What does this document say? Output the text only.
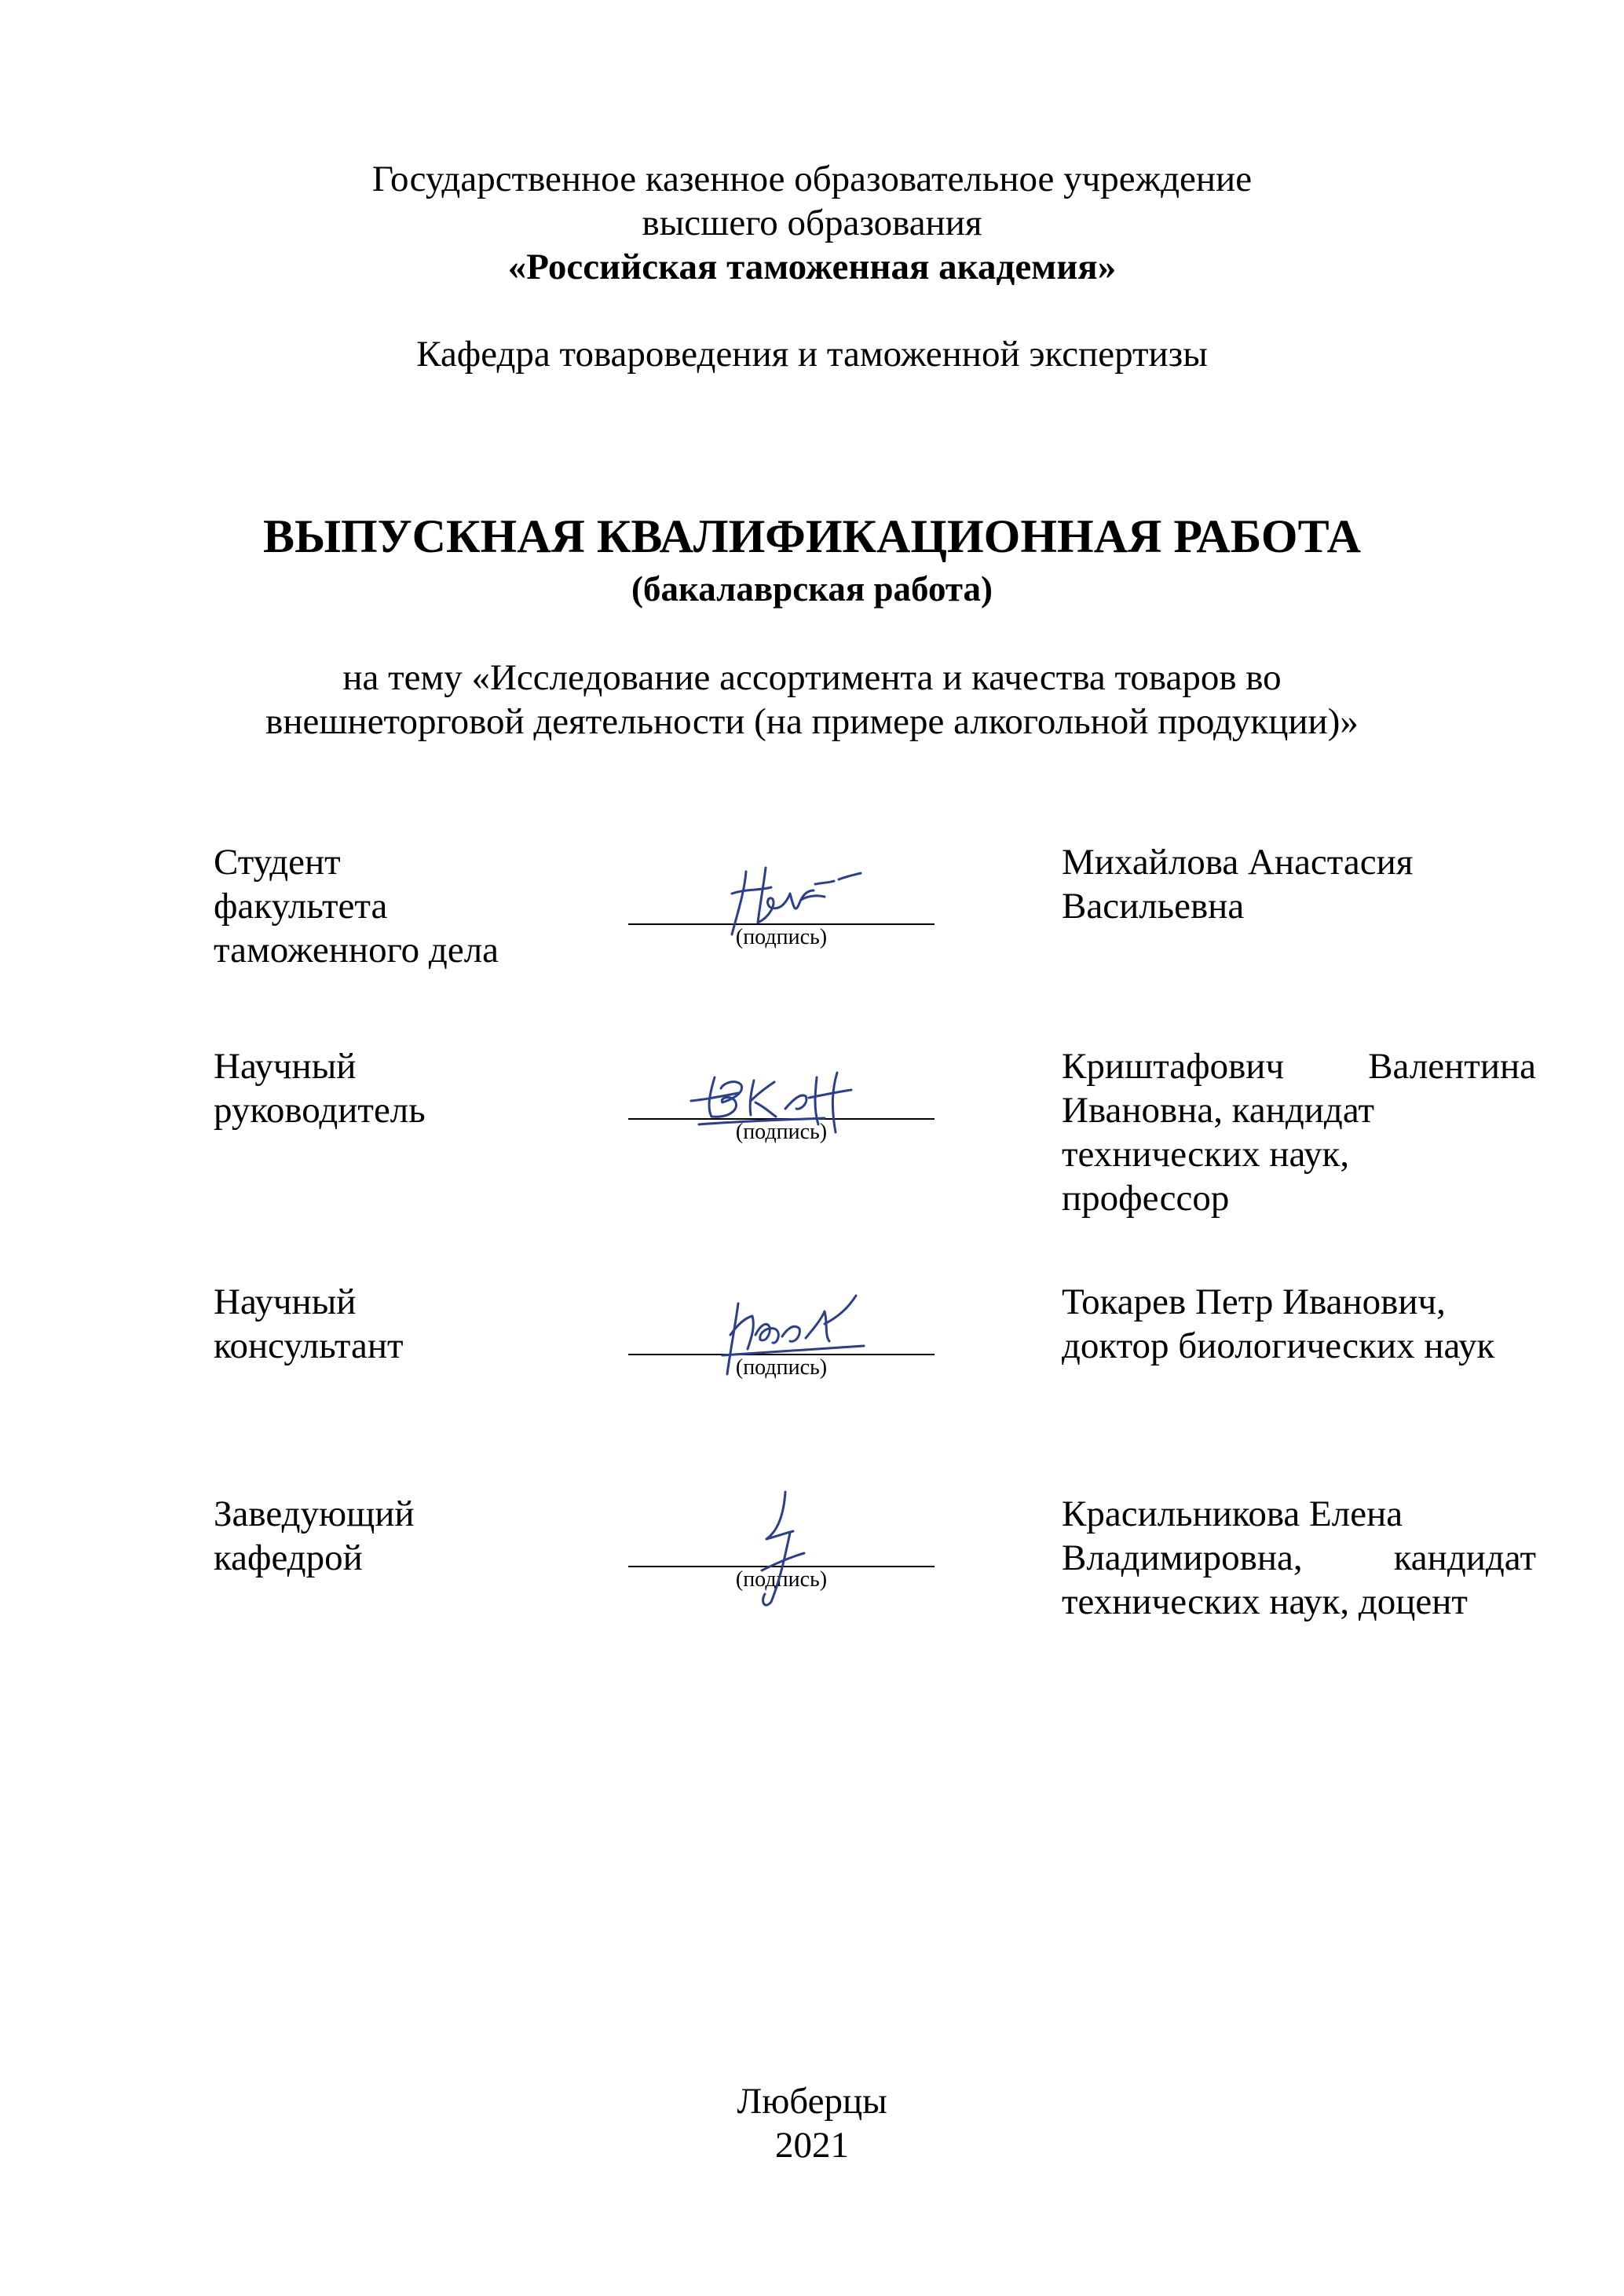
Государственное казенное образовательное учреждение
высшего образования
«Российская таможенная академия»
Кафедра товароведения и таможенной экспертизы
ВЫПУСКНАЯ КВАЛИФИКАЦИОННАЯ РАБОТА
(бакалаврская работа)
на тему «Исследование ассортимента и качества товаров во
внешнеторговой деятельности (на примере алкогольной продукции)»
Студент
факультета
таможенного дела	(подпись)
Михайлова Анастасия
Васильевна
Научный
руководитель
(подпись)
Криштафович Валентина
Ивановна, кандидат
технических наук,
профессор
Научный
консультант
(подпись)
Токарев Петр Иванович,
доктор биологических наук
Заведующий
кафедрой
(подпись)
Красильникова Елена
Владимировна, кандидат
технических наук, доцент
Люберцы
2021
